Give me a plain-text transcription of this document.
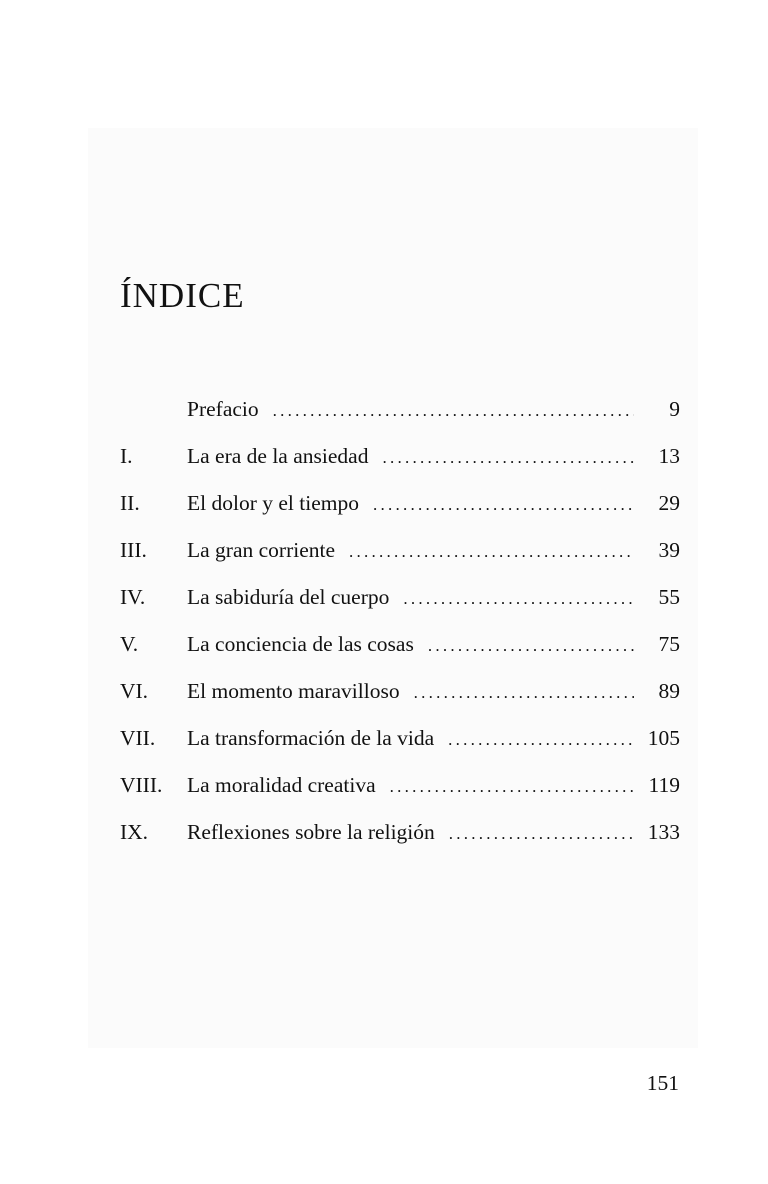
ÍNDICE
Prefacio . . .	9
I.	La era de la ansiedad . . .	13
II. El dolor y el tiempo . . .	29
III. La gran corriente . . .	39
IV. La sabiduría del cuerpo . . .	55
V. La conciencia de las cosas . . .	75
VI. El momento maravilloso . . .	89
VII. La transformación de la vida . . .	105
VIII. La moralidad creativa . . .	119
IX. Reflexiones sobre la religión . . .	133
151
